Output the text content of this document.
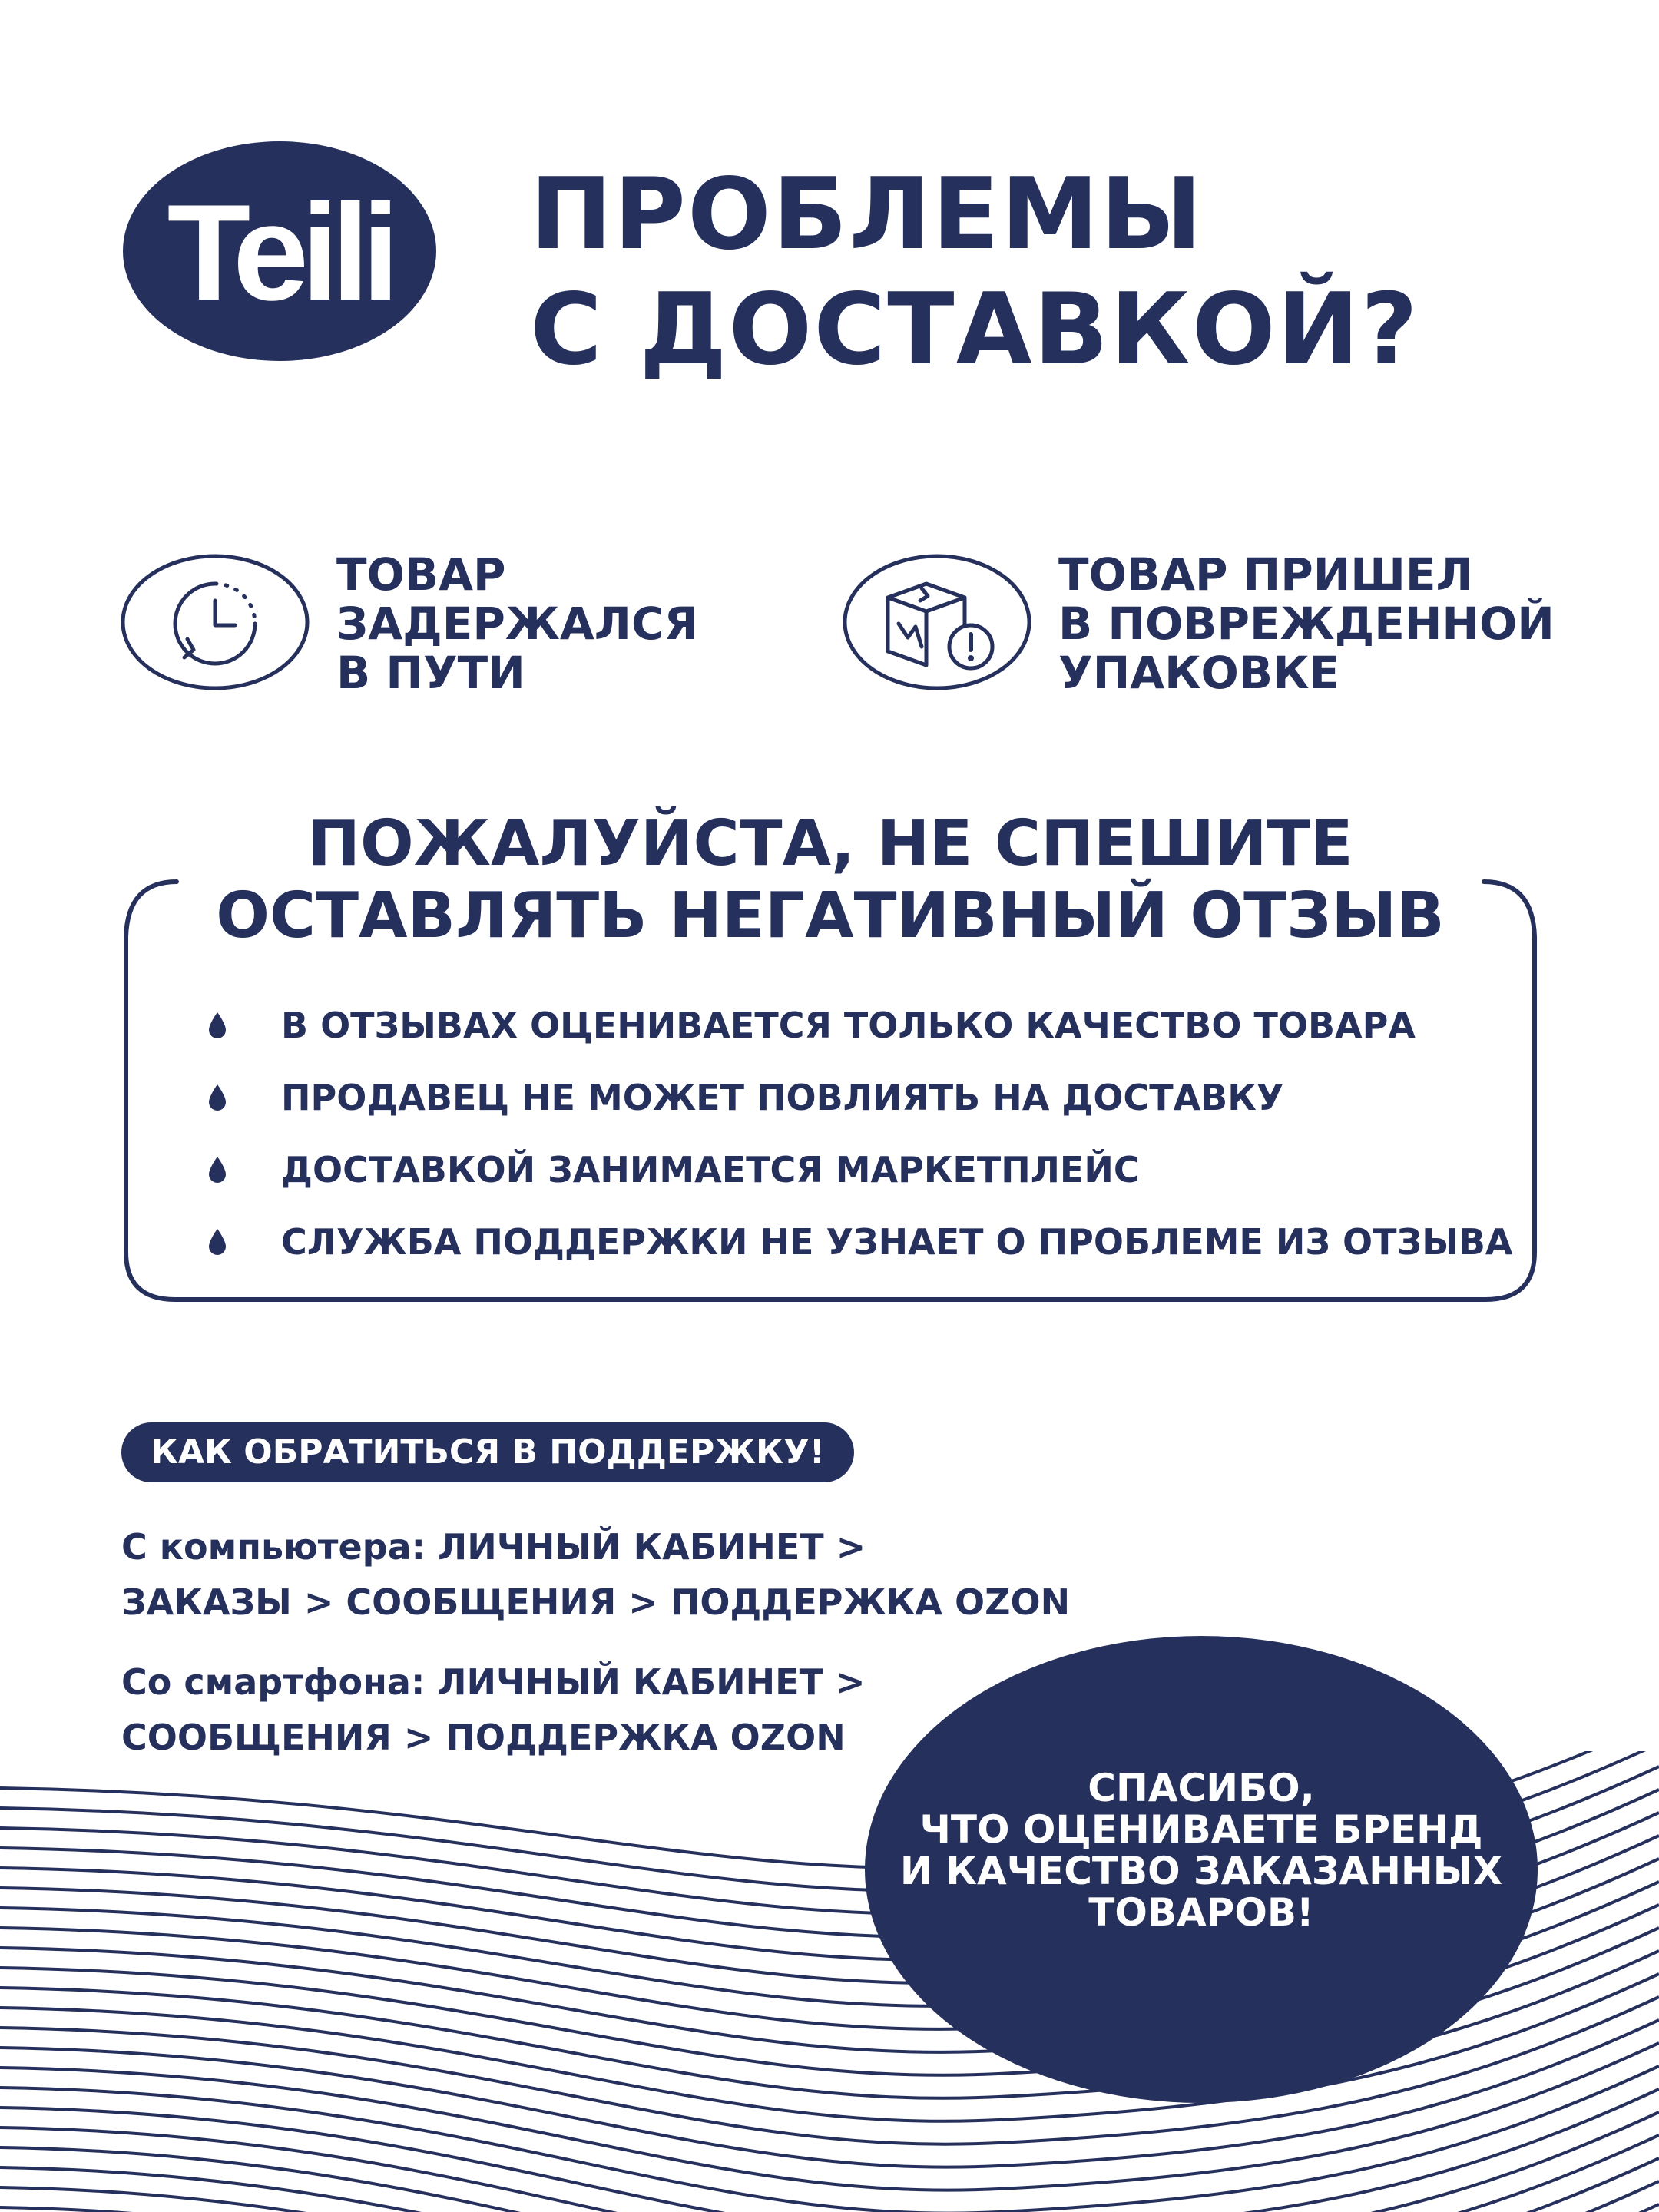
Teili ПРОБЛЕМЫ
С ДОСТАВКОЙ?
ТОВАР
ЗАДЕРЖАЛСЯ
В ПУТИ
ТОВАР ПРИШЕЛ
В ПОВРЕЖДЕННОЙ
УПАКОВКЕ
ПОЖАЛУЙСТА, НЕ СПЕШИТЕ
ОСТАВЛЯТЬ НЕГАТИВНЫЙ ОТЗЫВ
В ОТЗЫВАХ ОЦЕНИВАЕТСЯ ТОЛЬКО КАЧЕСТВО ТОВАРА
ПРОДАВЕЦ НЕ МОЖЕТ ПОВЛИЯТЬ НА ДОСТАВКУ
ДОСТАВКОЙ ЗАНИМАЕТСЯ МАРКЕТПЛЕЙС
СЛУЖБА ПОДДЕРЖКИ НЕ УЗНАЕТ О ПРОБЛЕМЕ ИЗ ОТЗЫВА
КАК ОБРАТИТЬСЯ В ПОДДЕРЖКУ!
С компьютера: ЛИЧНЫЙ КАБИНЕТ >
ЗАКАЗЫ > СООБЩЕНИЯ > ПОДДЕРЖКА OZON
Со смартфона: ЛИЧНЫЙ КАБИНЕТ >
СООБЩЕНИЯ > ПОДДЕРЖКА OZON
СПАСИБО,
ЧТО ОЦЕНИВАЕТЕ БРЕНД
И КАЧЕСТВО ЗАКАЗАННЫХ
ТОВАРОВ!
